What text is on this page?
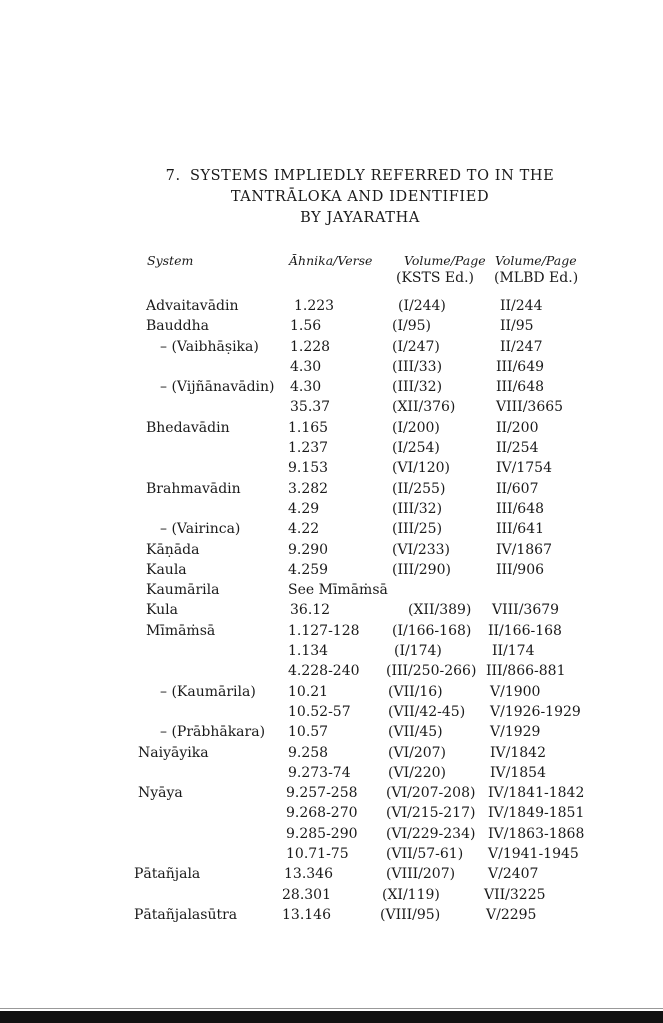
7. SYSTEMS IMPLIEDLY REFERRED TO IN THE
TANTRĀLOKA AND IDENTIFIED
BY JAYARATHA
System	Āhnika/Verse	Volume/Page Volume/Page
(KSTS Ed.) (MLBD Ed.)
Advaitavādin	1.223	(I/244)	II/244
Bauddha	1.56	(I/95)	II/95
– (Vaibhāṣika) 1.228	(I/247)	II/247
4.30	(III/33)	III/649
– (Vijñānavādin) 4.30	(III/32)	III/648
35.37	(XII/376)	VIII/3665
Bhedavādin	1.165	(I/200)	II/200
1.237	(I/254)	II/254
9.153	(VI/120)	IV/1754
Brahmavādin	3.282	(II/255)	II/607
4.29	(III/32)	III/648
– (Vairinca)	4.22	(III/25)	III/641
Kāṇāda	9.290	(VI/233)	IV/1867
Kaula	4.259	(III/290)	III/906
Kaumārila	See Mīmāṁsā
Kula	36.12	(XII/389) VIII/3679
Mīmāṁsā	1.127-128 (I/166-168) II/166-168
1.134	(I/174)	II/174
4.228-240 (III/250-266) III/866-881
– (Kaumārila) 10.21	(VII/16)	V/1900
10.52-57	(VII/42-45) V/1926-1929
– (Prābhākara) 10.57	(VII/45)	V/1929
Naiyāyika	9.258	(VI/207)	IV/1842
9.273-74	(VI/220)	IV/1854
Nyāya	9.257-258 (VI/207-208) IV/1841-1842
9.268-270 (VI/215-217) IV/1849-1851
9.285-290 (VI/229-234) IV/1863-1868
10.71-75	(VII/57-61) V/1941-1945
Pātañjala	13.346	(VIII/207) V/2407
28.301	(XI/119)	VII/3225
Pātañjalasūtra	13.146	(VIII/95)	V/2295
